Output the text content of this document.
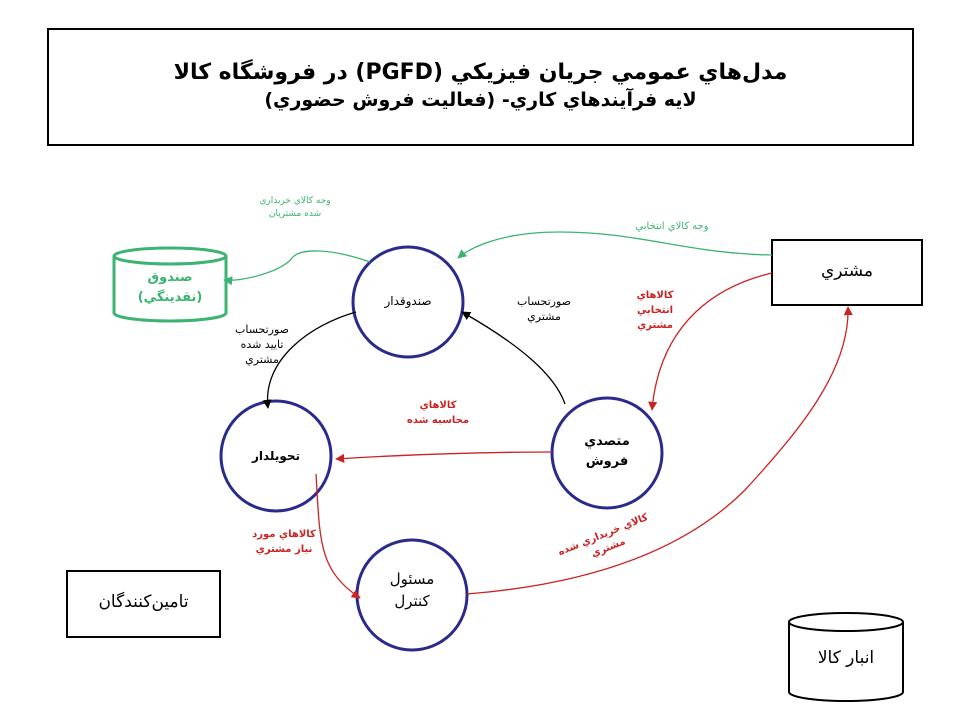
مدل‌هاي عمومي جريان فيزيكي (PGFD) در فروشگاه كالا
لايه فرآيندهاي كاري- (فعاليت فروش حضوري)
صندوقدار
متصدي فروش
تحويلدار
مسئول كنترل
مشتري
تامين‌كنندگان
صندوق (نقدينگي)
انبار كالا
وجه كالاي خريداري شده مشتريان
وجه كالاي انتخابي
كالاهاي انتخابي مشتري
صورتحساب مشتري
صورتحساب تاييد شده مشتري
كالاهاي محاسبه شده
كالاهاي مورد نياز مشتري	كالاي خريداري شده مشتري
